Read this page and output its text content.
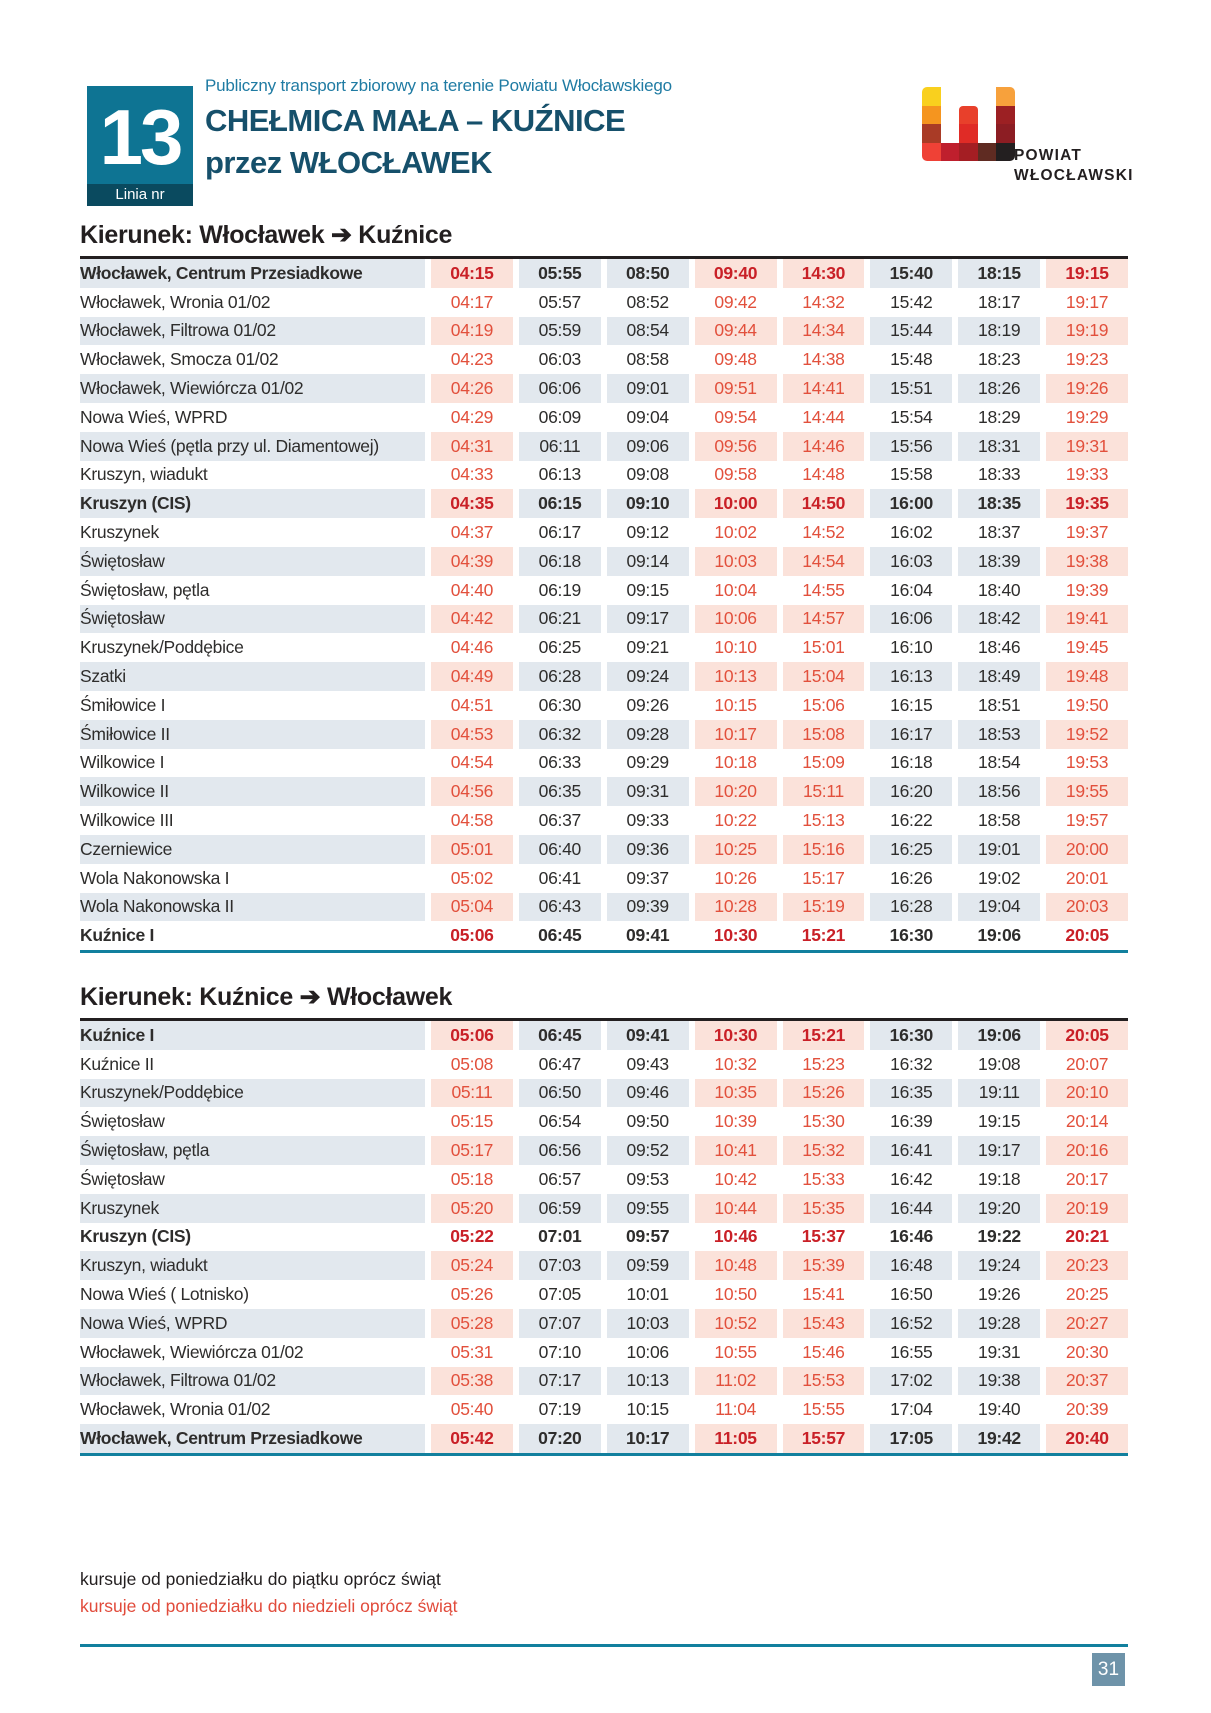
13
Linia nr
Publiczny transport zbiorowy na terenie Powiatu Włocławskiego
CHEŁMICA MAŁA – KUŹNICE
przez WŁOCŁAWEK	POWIAT
WŁOCŁAWSKI
Kierunek: Włocławek ➔ Kuźnice
Włocławek, Centrum Przesiadkowe	04:15	05:55	08:50	09:40	14:30	15:40	18:15	19:15
Włocławek, Wronia 01/02	04:17	05:57	08:52	09:42	14:32	15:42	18:17	19:17
Włocławek, Filtrowa 01/02	04:19	05:59	08:54	09:44	14:34	15:44	18:19	19:19
Włocławek, Smocza 01/02	04:23	06:03	08:58	09:48	14:38	15:48	18:23	19:23
Włocławek, Wiewiórcza 01/02	04:26	06:06	09:01	09:51	14:41	15:51	18:26	19:26
Nowa Wieś, WPRD	04:29	06:09	09:04	09:54	14:44	15:54	18:29	19:29
Nowa Wieś (pętla przy ul. Diamentowej)	04:31	06:11	09:06	09:56	14:46	15:56	18:31	19:31
Kruszyn, wiadukt	04:33	06:13	09:08	09:58	14:48	15:58	18:33	19:33
Kruszyn (CIS)	04:35	06:15	09:10	10:00	14:50	16:00	18:35	19:35
Kruszynek	04:37	06:17	09:12	10:02	14:52	16:02	18:37	19:37
Świętosław	04:39	06:18	09:14	10:03	14:54	16:03	18:39	19:38
Świętosław, pętla	04:40	06:19	09:15	10:04	14:55	16:04	18:40	19:39
Świętosław	04:42	06:21	09:17	10:06	14:57	16:06	18:42	19:41
Kruszynek/Poddębice	04:46	06:25	09:21	10:10	15:01	16:10	18:46	19:45
Szatki	04:49	06:28	09:24	10:13	15:04	16:13	18:49	19:48
Śmiłowice I	04:51	06:30	09:26	10:15	15:06	16:15	18:51	19:50
Śmiłowice II	04:53	06:32	09:28	10:17	15:08	16:17	18:53	19:52
Wilkowice I	04:54	06:33	09:29	10:18	15:09	16:18	18:54	19:53
Wilkowice II	04:56	06:35	09:31	10:20	15:11	16:20	18:56	19:55
Wilkowice III	04:58	06:37	09:33	10:22	15:13	16:22	18:58	19:57
Czerniewice	05:01	06:40	09:36	10:25	15:16	16:25	19:01	20:00
Wola Nakonowska I	05:02	06:41	09:37	10:26	15:17	16:26	19:02	20:01
Wola Nakonowska II	05:04	06:43	09:39	10:28	15:19	16:28	19:04	20:03
Kuźnice I	05:06	06:45	09:41	10:30	15:21	16:30	19:06	20:05
Kierunek: Kuźnice ➔ Włocławek
Kuźnice I	05:06	06:45	09:41	10:30	15:21	16:30	19:06	20:05
Kuźnice II	05:08	06:47	09:43	10:32	15:23	16:32	19:08	20:07
Kruszynek/Poddębice	05:11	06:50	09:46	10:35	15:26	16:35	19:11	20:10
Świętosław	05:15	06:54	09:50	10:39	15:30	16:39	19:15	20:14
Świętosław, pętla	05:17	06:56	09:52	10:41	15:32	16:41	19:17	20:16
Świętosław	05:18	06:57	09:53	10:42	15:33	16:42	19:18	20:17
Kruszynek	05:20	06:59	09:55	10:44	15:35	16:44	19:20	20:19
Kruszyn (CIS)	05:22	07:01	09:57	10:46	15:37	16:46	19:22	20:21
Kruszyn, wiadukt	05:24	07:03	09:59	10:48	15:39	16:48	19:24	20:23
Nowa Wieś ( Lotnisko)	05:26	07:05	10:01	10:50	15:41	16:50	19:26	20:25
Nowa Wieś, WPRD	05:28	07:07	10:03	10:52	15:43	16:52	19:28	20:27
Włocławek, Wiewiórcza 01/02	05:31	07:10	10:06	10:55	15:46	16:55	19:31	20:30
Włocławek, Filtrowa 01/02	05:38	07:17	10:13	11:02	15:53	17:02	19:38	20:37
Włocławek, Wronia 01/02	05:40	07:19	10:15	11:04	15:55	17:04	19:40	20:39
Włocławek, Centrum Przesiadkowe	05:42	07:20	10:17	11:05	15:57	17:05	19:42	20:40
kursuje od poniedziałku do piątku oprócz świąt
kursuje od poniedziałku do niedzieli oprócz świąt
31
